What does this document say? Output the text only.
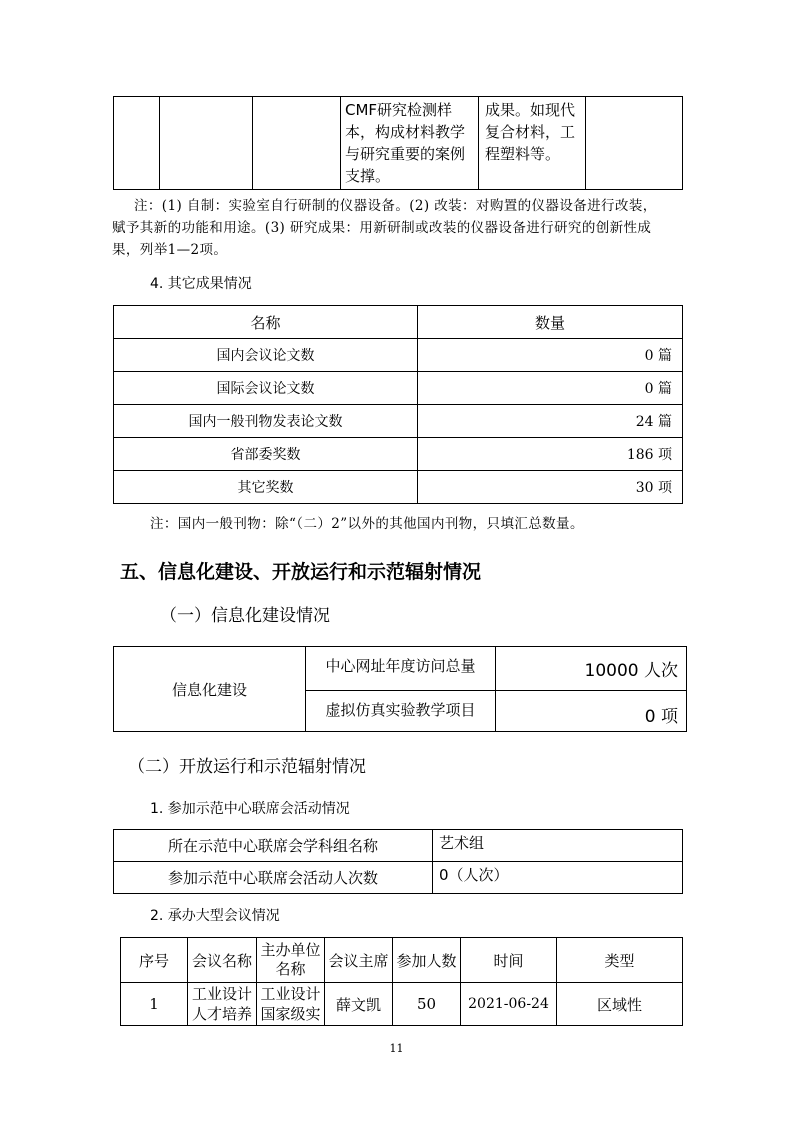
			CMF研究检测样本，构成材料教学与研究重要的案例支撑。	成果。如现代复合材料，工程塑料等。	
注：(1) 自制：实验室自行研制的仪器设备。(2) 改装：对购置的仪器设备进行改装，赋予其新的功能和用途。(3) 研究成果：用新研制或改装的仪器设备进行研究的创新性成果，列举1—2项。
4. 其它成果情况
名称	数量
国内会议论文数	0 篇
国际会议论文数	0 篇
国内一般刊物发表论文数	24 篇
省部委奖数	186 项
其它奖数	30 项
注：国内一般刊物：除“（二）2”以外的其他国内刊物，只填汇总数量。
五、信息化建设、开放运行和示范辐射情况
（一）信息化建设情况
信息化建设	中心网址年度访问总量	10000 人次
	虚拟仿真实验教学项目	0 项
（二）开放运行和示范辐射情况
1. 参加示范中心联席会活动情况
所在示范中心联席会学科组名称	艺术组
参加示范中心联席会活动人次数	0（人次）
2. 承办大型会议情况
序号	会议名称	主办单位名称	会议主席	参加人数	时间	类型
1	工业设计人才培养	工业设计国家级实	薛文凯	50	2021-06-24	区域性
11
